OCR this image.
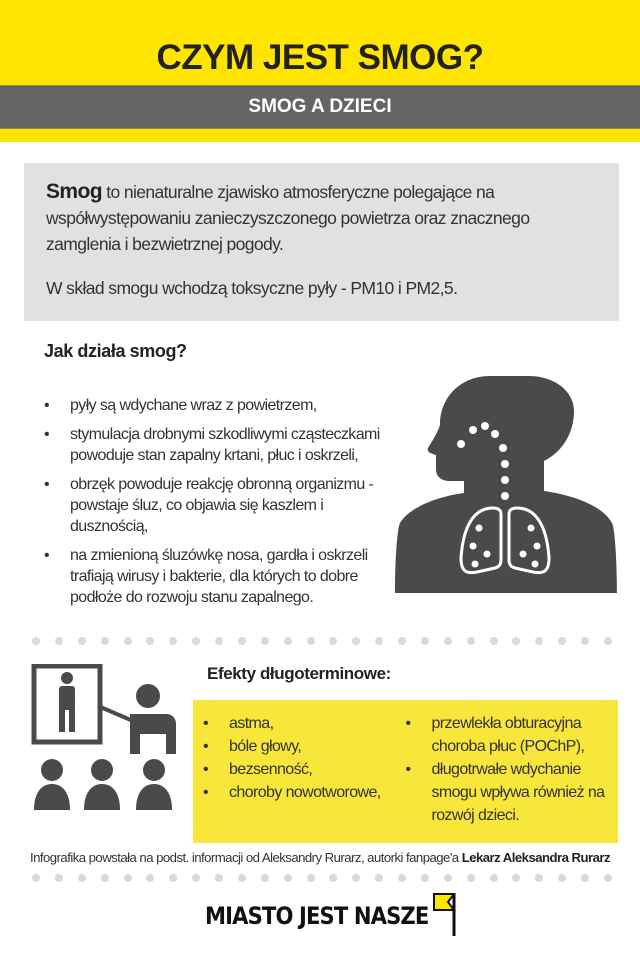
CZYM JEST SMOG?
SMOG A DZIECI

Smog to nienaturalne zjawisko atmosferyczne polegające na współwystępowaniu zanieczyszczonego powietrza oraz znacznego zamglenia i bezwietrznej pogody.

W skład smogu wchodzą toksyczne pyły - PM10 i PM2,5.

Jak działa smog?
• pyły są wdychane wraz z powietrzem,
• stymulacja drobnymi szkodliwymi cząsteczkami powoduje stan zapalny krtani, płuc i oskrzeli,
• obrzęk powoduje reakcję obronną organizmu - powstaje śluz, co objawia się kaszlem i dusznością,
• na zmienioną śluzówkę nosa, gardła i oskrzeli trafiają wirusy i bakterie, dla których to dobre podłoże do rozwoju stanu zapalnego.
Efekty długoterminowe:
• astma,
• bóle głowy,
• bezsenność,
• choroby nowotworowe,
• przewlekła obturacyjna choroba płuc (POChP),
• długotrwałe wdychanie smogu wpływa również na rozwój dzieci.
Infografika powstała na podst. informacji od Aleksandry Rurarz, autorki fanpage'a Lekarz Aleksandra Rurarz
MIASTO JEST NASZE
